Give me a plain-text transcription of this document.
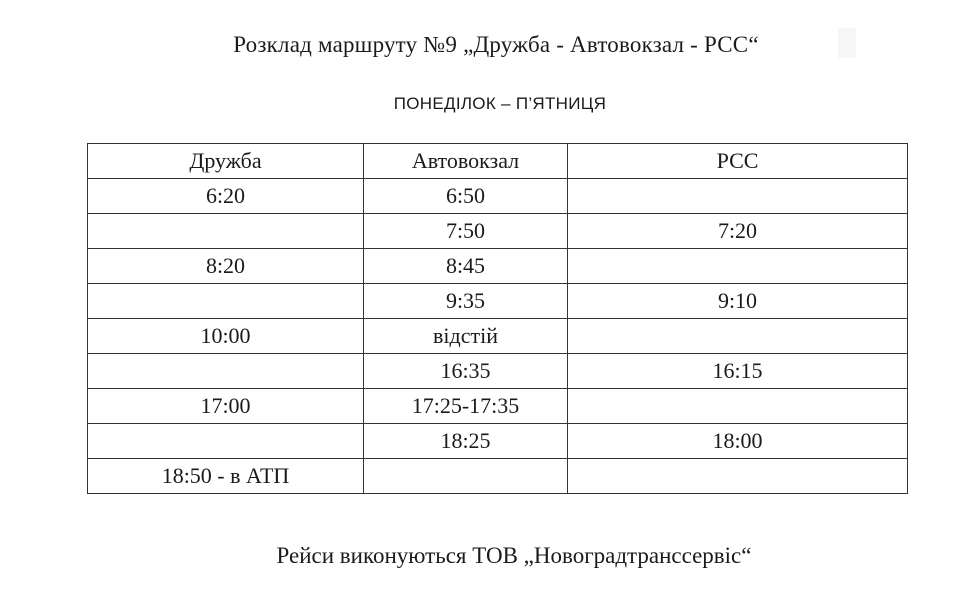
Розклад маршруту №9 „Дружба - Автовокзал - РСС“
ПОНЕДІЛОК – П’ЯТНИЦЯ
Дружба	Автовокзал	РСС
6:20	6:50	
	7:50	7:20
8:20	8:45	
	9:35	9:10
10:00	відстій	
	16:35	16:15
17:00	17:25-17:35	
	18:25	18:00
18:50 - в АТП		
Рейси виконуються ТОВ „Новоградтранссервіс“
